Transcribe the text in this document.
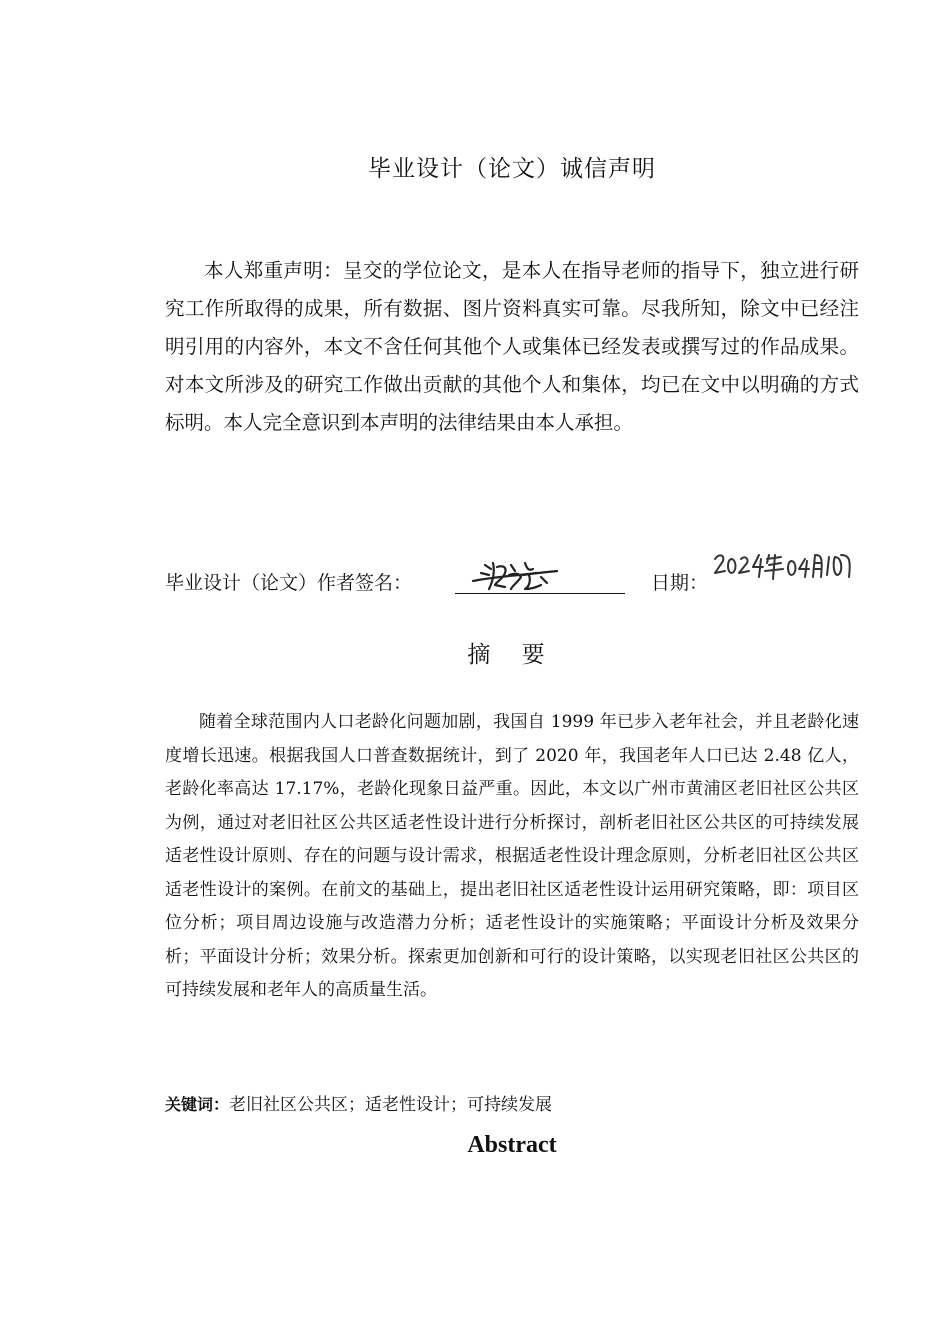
毕业设计（论文）诚信声明
本人郑重声明：呈交的学位论文，是本人在指导老师的指导下，独立进行研究工作所取得的成果，所有数据、图片资料真实可靠。尽我所知，除文中已经注明引用的内容外，本文不含任何其他个人或集体已经发表或撰写过的作品成果。对本文所涉及的研究工作做出贡献的其他个人和集体，均已在文中以明确的方式标明。本人完全意识到本声明的法律结果由本人承担。
毕业设计（论文）作者签名：	日期：
摘 要
随着全球范围内人口老龄化问题加剧，我国自 1999 年已步入老年社会，并且老龄化速度增长迅速。根据我国人口普查数据统计，到了 2020 年，我国老年人口已达 2.48 亿人，老龄化率高达 17.17%，老龄化现象日益严重。因此，本文以广州市黄浦区老旧社区公共区为例，通过对老旧社区公共区适老性设计进行分析探讨，剖析老旧社区公共区的可持续发展适老性设计原则、存在的问题与设计需求，根据适老性设计理念原则，分析老旧社区公共区适老性设计的案例。在前文的基础上，提出老旧社区适老性设计运用研究策略，即：项目区位分析；项目周边设施与改造潜力分析；适老性设计的实施策略；平面设计分析及效果分析；平面设计分析；效果分析。探索更加创新和可行的设计策略，以实现老旧社区公共区的可持续发展和老年人的高质量生活。
关键词：老旧社区公共区；适老性设计；可持续发展
Abstract
